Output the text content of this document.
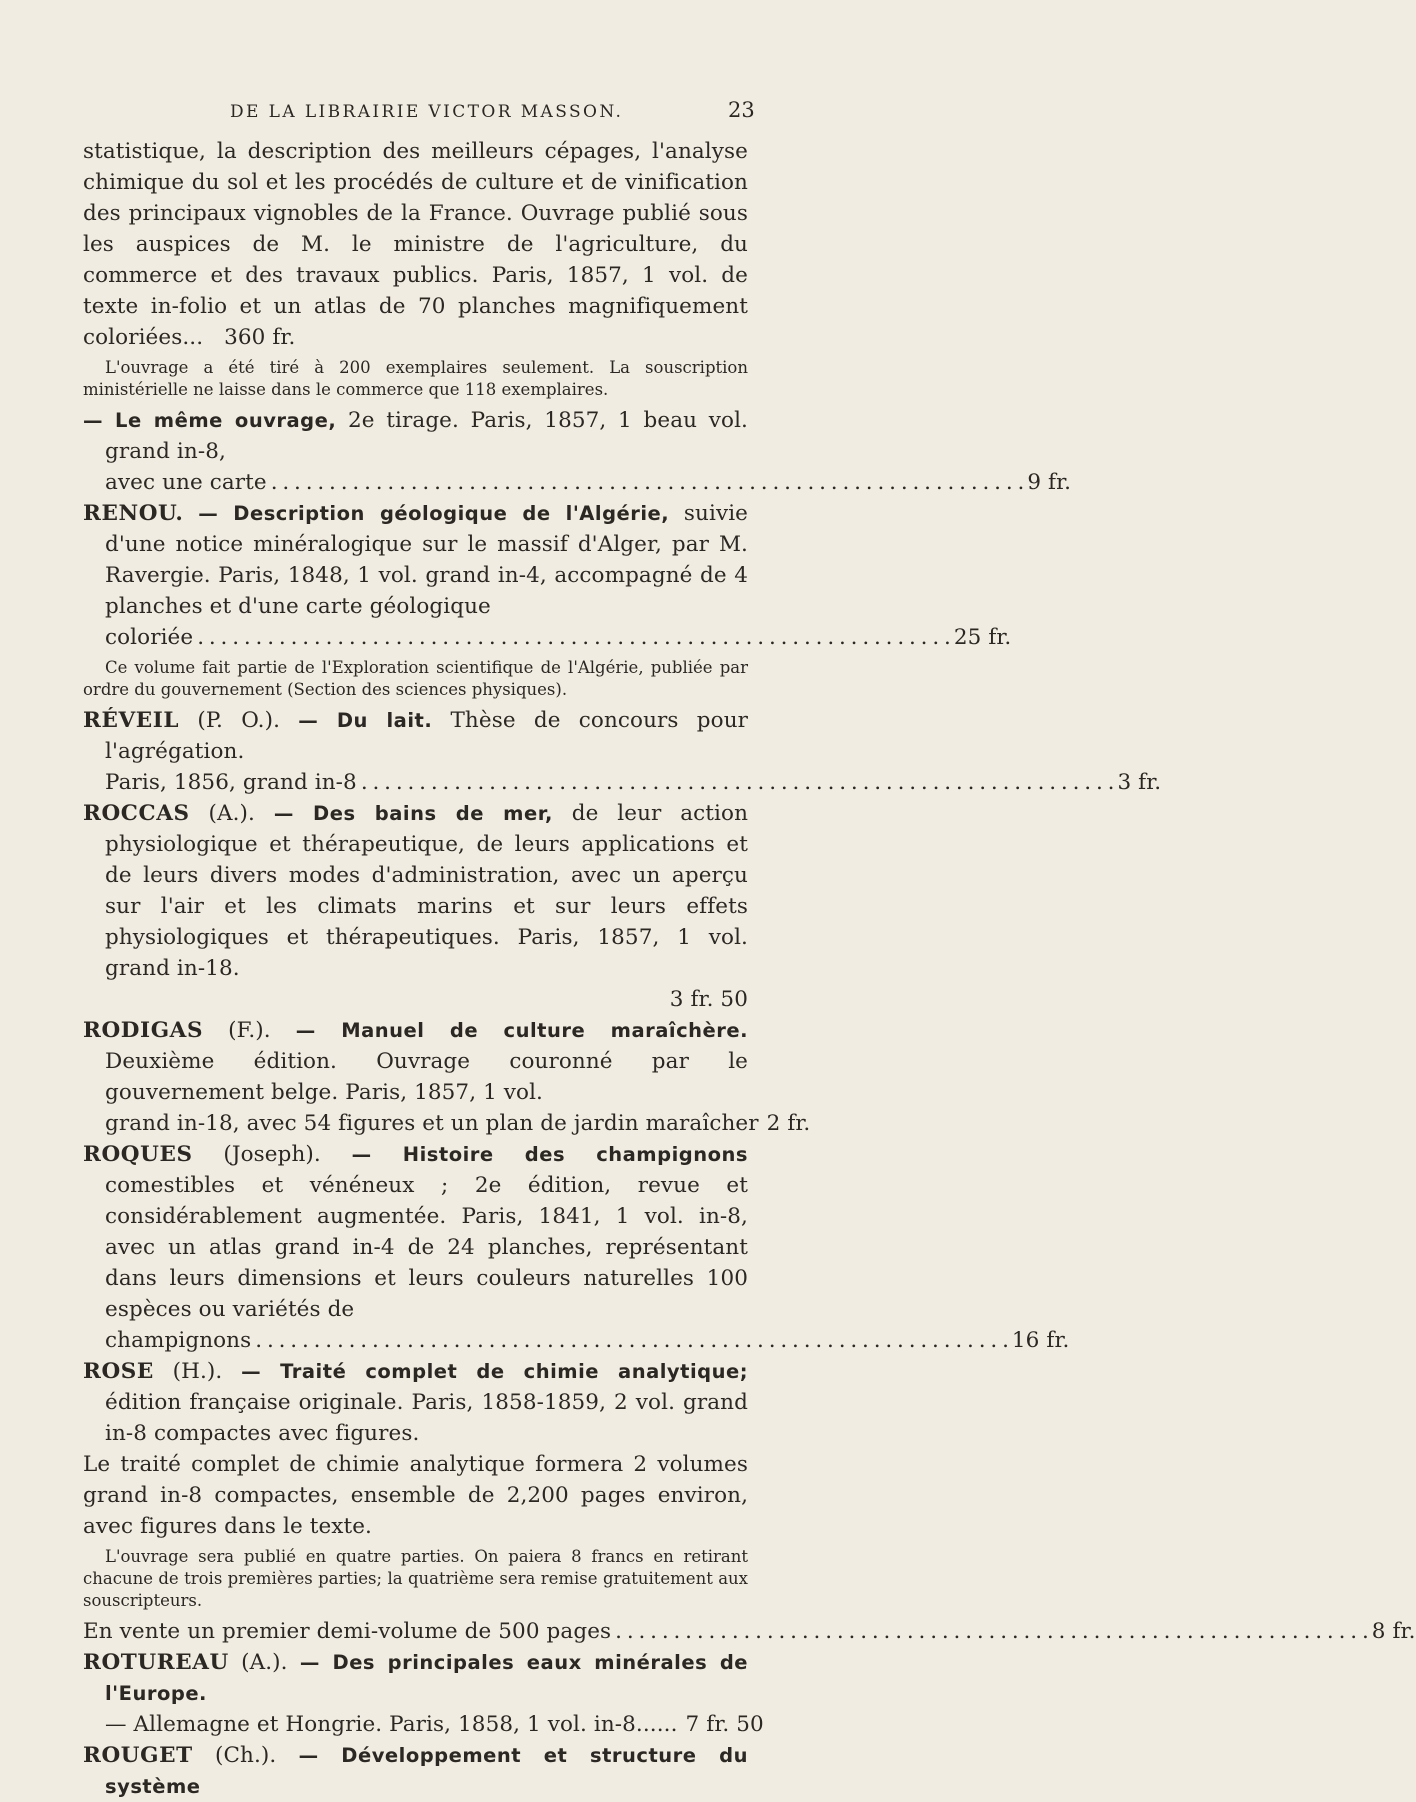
DE LA LIBRAIRIE VICTOR MASSON.	23

statistique, la description des meilleurs cépages, l'analyse chimique du sol et les procédés de culture et de vinification des principaux vignobles de la France. Ouvrage publié sous les auspices de M. le ministre de l'agriculture, du commerce et des travaux publics. Paris, 1857, 1 vol. de texte in-folio et un atlas de 70 planches magnifiquement coloriées... 360 fr.

L'ouvrage a été tiré à 200 exemplaires seulement. La souscription ministérielle ne laisse dans le commerce que 118 exemplaires.

— Le même ouvrage, 2e tirage. Paris, 1857, 1 beau vol. grand in-8,

avec une carte . . .	9 fr.

RENOU. — Description géologique de l'Algérie, suivie d'une notice minéralogique sur le massif d'Alger, par M. Ravergie. Paris, 1848, 1 vol. grand in-4, accompagné de 4 planches et d'une carte géologique

coloriée . . .	25 fr.

Ce volume fait partie de l'Exploration scientifique de l'Algérie, publiée par ordre du gouvernement (Section des sciences physiques).

RÉVEIL (P. O.). — Du lait. Thèse de concours pour l'agrégation.

Paris, 1856, grand in-8 . . .	3 fr.

ROCCAS (A.). — Des bains de mer, de leur action physiologique et thérapeutique, de leurs applications et de leurs divers modes d'administration, avec un aperçu sur l'air et les climats marins et sur leurs effets physiologiques et thérapeutiques. Paris, 1857, 1 vol. grand in-18.

3 fr. 50

RODIGAS (F.). — Manuel de culture maraîchère. Deuxième édition. Ouvrage couronné par le gouvernement belge. Paris, 1857, 1 vol.

grand in-18, avec 54 figures et un plan de jardin maraîcher 2 fr.

ROQUES (Joseph). — Histoire des champignons comestibles et vénéneux ; 2e édition, revue et considérablement augmentée. Paris, 1841, 1 vol. in-8, avec un atlas grand in-4 de 24 planches, représentant dans leurs dimensions et leurs couleurs naturelles 100 espèces ou variétés de

champignons . . .	16 fr.

ROSE (H.). — Traité complet de chimie analytique; édition française originale. Paris, 1858-1859, 2 vol. grand in-8 compactes avec figures.

Le traité complet de chimie analytique formera 2 volumes grand in-8 compactes, ensemble de 2,200 pages environ, avec figures dans le texte.

L'ouvrage sera publié en quatre parties. On paiera 8 francs en retirant chacune de trois premières parties; la quatrième sera remise gratuitement aux souscripteurs.

En vente un premier demi-volume de 500 pages . . .	8 fr.

ROTUREAU (A.). — Des principales eaux minérales de l'Europe.

— Allemagne et Hongrie. Paris, 1858, 1 vol. in-8...... 7 fr. 50

ROUGET (Ch.). — Développement et structure du système
